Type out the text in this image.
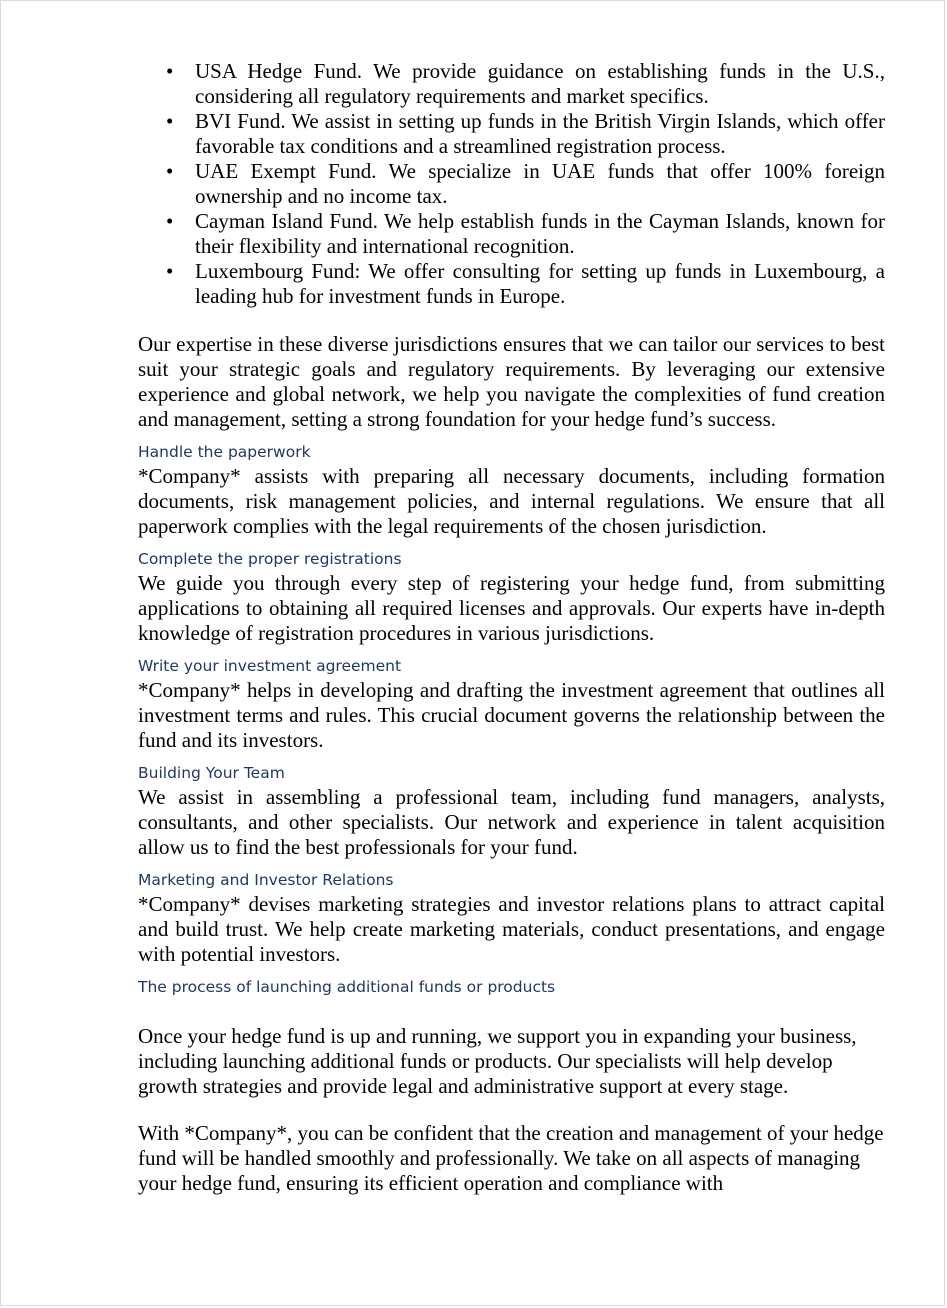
• USA Hedge Fund. We provide guidance on establishing funds in the U.S., considering all regulatory requirements and market specifics.
• BVI Fund. We assist in setting up funds in the British Virgin Islands, which offer favorable tax conditions and a streamlined registration process.
• UAE Exempt Fund. We specialize in UAE funds that offer 100% foreign ownership and no income tax.
• Cayman Island Fund. We help establish funds in the Cayman Islands, known for their flexibility and international recognition.
• Luxembourg Fund: We offer consulting for setting up funds in Luxembourg, a leading hub for investment funds in Europe.

Our expertise in these diverse jurisdictions ensures that we can tailor our services to best suit your strategic goals and regulatory requirements. By leveraging our extensive experience and global network, we help you navigate the complexities of fund creation and management, setting a strong foundation for your hedge fund’s success.

Handle the paperwork

*Company* assists with preparing all necessary documents, including formation documents, risk management policies, and internal regulations. We ensure that all paperwork complies with the legal requirements of the chosen jurisdiction.

Complete the proper registrations

We guide you through every step of registering your hedge fund, from submitting applications to obtaining all required licenses and approvals. Our experts have in-depth knowledge of registration procedures in various jurisdictions.

Write your investment agreement

*Company* helps in developing and drafting the investment agreement that outlines all investment terms and rules. This crucial document governs the relationship between the fund and its investors.

Building Your Team

We assist in assembling a professional team, including fund managers, analysts, consultants, and other specialists. Our network and experience in talent acquisition allow us to find the best professionals for your fund.

Marketing and Investor Relations

*Company* devises marketing strategies and investor relations plans to attract capital and build trust. We help create marketing materials, conduct presentations, and engage with potential investors.

The process of launching additional funds or products

Once your hedge fund is up and running, we support you in expanding your business, including launching additional funds or products. Our specialists will help develop growth strategies and provide legal and administrative support at every stage.

With *Company*, you can be confident that the creation and management of your hedge fund will be handled smoothly and professionally. We take on all aspects of managing your hedge fund, ensuring its efficient operation and compliance with
